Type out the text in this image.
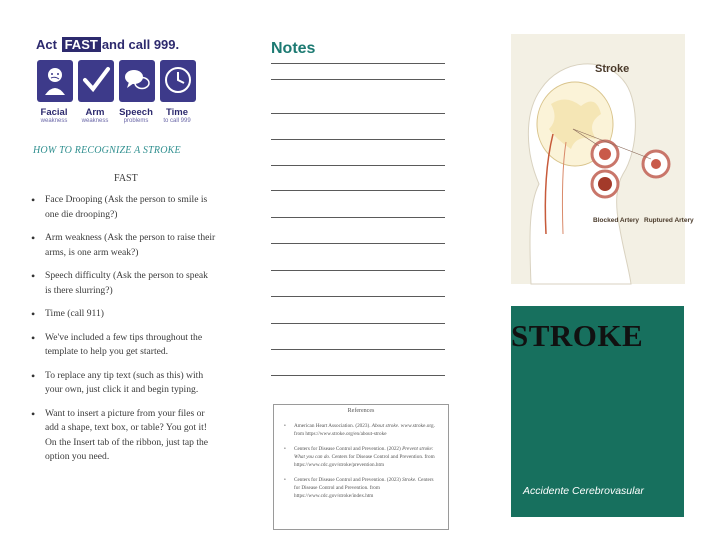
Act FAST and call 999.
Facial
weakness
Arm
weakness
Speech
problems
Time
to call 999
HOW TO RECOGNIZE A STROKE
FAST
• Face Drooping (Ask the person to smile is one die drooping?)
• Arm weakness (Ask the person to raise their arms, is one arm weak?)
• Speech difficulty (Ask the person to speak is there slurring?)
• Time (call 911)
• We've included a few tips throughout the template to help you get started.
• To replace any tip text (such as this) with your own, just click it and begin typing.
• Want to insert a picture from your files or add a shape, text box, or table? You got it! On the Insert tab of the ribbon, just tap the option you need.
Notes
References
• American Heart Association. (2023). About stroke. www.stroke.org. from https://www.stroke.org/en/about-stroke
• Centers for Disease Control and Prevention. (2022) Prevent stroke: What you can do. Centers for Disease Control and Prevention. from https://www.cdc.gov/stroke/prevention.htm
• Centers for Disease Control and Prevention. (2023) Stroke. Centers for Disease Control and Prevention. from https://www.cdc.gov/stroke/index.htm
Stroke
Blocked Artery Ruptured Artery
STROKE
Accidente Cerebrovasular
